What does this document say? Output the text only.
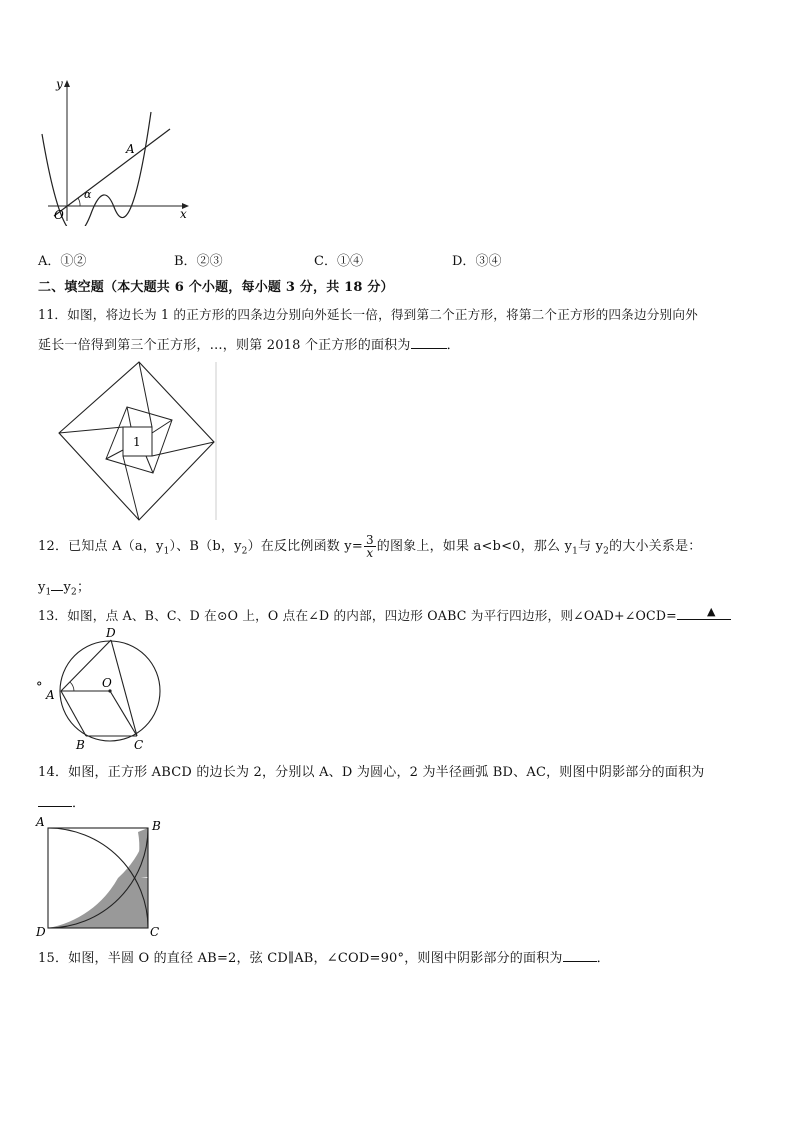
y
x
O
A
α
A．①②	B．②③	C．①④	D．③④
二、填空题（本大题共 6 个小题，每小题 3 分，共 18 分）
11．如图，将边长为 1 的正方形的四条边分别向外延长一倍，得到第二个正方形，将第二个正方形的四条边分别向外
延长一倍得到第三个正方形，…，则第 2018 个正方形的面积为	．
1
12．已知点 A（a，$y_1$）、B（b，$y_2$）在反比例函数 $y= \frac{3}{x}$ 的图象上，如果 a<b<0，那么 $y_1$与 $y_2$的大小关系是：
$y_1$ $y_2$；
13．如图，点 A、B、C、D 在⊙O 上，O 点在∠D 的内部，四边形 OABC 为平行四边形，则∠OAD+∠OCD=	▲
° A
B	C
D
O
14．如图，正方形 ABCD 的边长为 2，分别以 A、D 为圆心，2 为半径画弧 BD、AC，则图中阴影部分的面积为
．
A	B
C
D
15．如图，半圆 O 的直径 AB=2，弦 CD∥AB，∠COD=90°，则图中阴影部分的面积为	．
